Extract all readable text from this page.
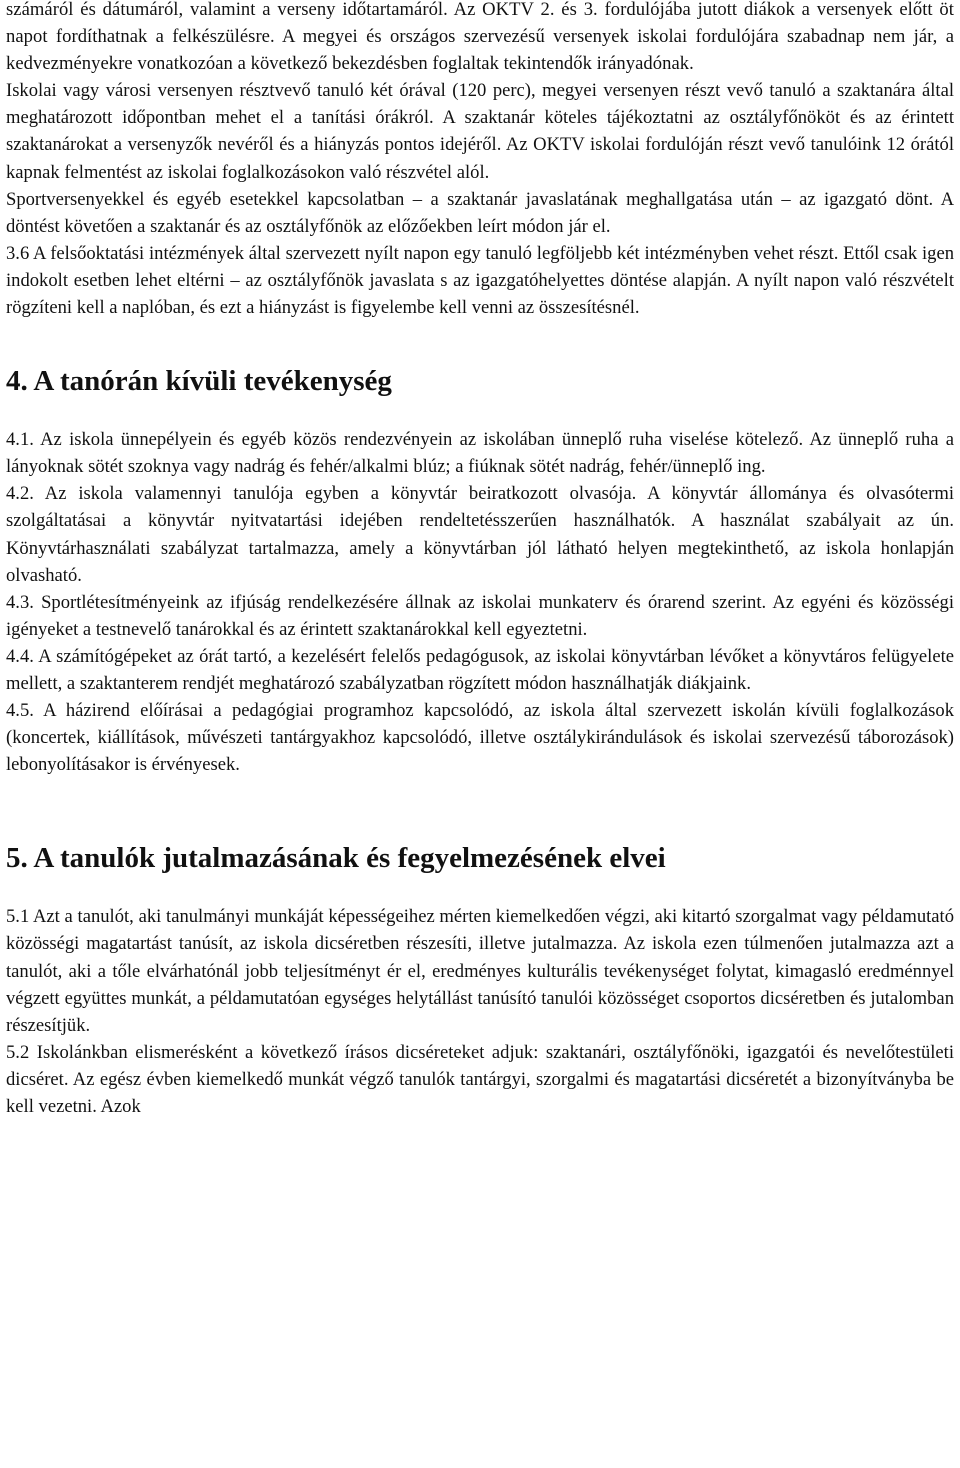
számáról és dátumáról, valamint a verseny időtartamáról. Az OKTV 2. és 3. fordulójába jutott diákok a versenyek előtt öt napot fordíthatnak a felkészülésre. A megyei és országos szervezésű versenyek iskolai fordulójára szabadnap nem jár, a kedvezményekre vonatkozóan a következő bekezdésben foglaltak tekintendők irányadónak.

Iskolai vagy városi versenyen résztvevő tanuló két órával (120 perc), megyei versenyen részt vevő tanuló a szaktanára által meghatározott időpontban mehet el a tanítási órákról. A szaktanár köteles tájékoztatni az osztályfőnököt és az érintett szaktanárokat a versenyzők nevéről és a hiányzás pontos idejéről. Az OKTV iskolai fordulóján részt vevő tanulóink 12 órától kapnak felmentést az iskolai foglalkozásokon való részvétel alól.

Sportversenyekkel és egyéb esetekkel kapcsolatban – a szaktanár javaslatának meghallgatása után – az igazgató dönt. A döntést követően a szaktanár és az osztályfőnök az előzőekben leírt módon jár el.

3.6 A felsőoktatási intézmények által szervezett nyílt napon egy tanuló legföljebb két intézményben vehet részt. Ettől csak igen indokolt esetben lehet eltérni – az osztályfőnök javaslata s az igazgatóhelyettes döntése alapján. A nyílt napon való részvételt rögzíteni kell a naplóban, és ezt a hiányzást is figyelembe kell venni az összesítésnél.

4. A tanórán kívüli tevékenység

4.1. Az iskola ünnepélyein és egyéb közös rendezvényein az iskolában ünneplő ruha viselése kötelező. Az ünneplő ruha a lányoknak sötét szoknya vagy nadrág és fehér/alkalmi blúz; a fiúknak sötét nadrág, fehér/ünneplő ing.

4.2. Az iskola valamennyi tanulója egyben a könyvtár beiratkozott olvasója. A könyvtár állománya és olvasótermi szolgáltatásai a könyvtár nyitvatartási idejében rendeltetésszerűen használhatók. A használat szabályait az ún. Könyvtárhasználati szabályzat tartalmazza, amely a könyvtárban jól látható helyen megtekinthető, az iskola honlapján olvasható.

4.3. Sportlétesítményeink az ifjúság rendelkezésére állnak az iskolai munkaterv és órarend szerint. Az egyéni és közösségi igényeket a testnevelő tanárokkal és az érintett szaktanárokkal kell egyeztetni.

4.4. A számítógépeket az órát tartó, a kezelésért felelős pedagógusok, az iskolai könyvtárban lévőket a könyvtáros felügyelete mellett, a szaktanterem rendjét meghatározó szabályzatban rögzített módon használhatják diákjaink.

4.5. A házirend előírásai a pedagógiai programhoz kapcsolódó, az iskola által szervezett iskolán kívüli foglalkozások (koncertek, kiállítások, művészeti tantárgyakhoz kapcsolódó, illetve osztálykirándulások és iskolai szervezésű táborozások) lebonyolításakor is érvényesek.

5. A tanulók jutalmazásának és fegyelmezésének elvei

5.1 Azt a tanulót, aki tanulmányi munkáját képességeihez mérten kiemelkedően végzi, aki kitartó szorgalmat vagy példamutató közösségi magatartást tanúsít, az iskola dicséretben részesíti, illetve jutalmazza. Az iskola ezen túlmenően jutalmazza azt a tanulót, aki a tőle elvárhatónál jobb teljesítményt ér el, eredményes kulturális tevékenységet folytat, kimagasló eredménnyel végzett együttes munkát, a példamutatóan egységes helytállást tanúsító tanulói közösséget csoportos dicséretben és jutalomban részesítjük.

5.2 Iskolánkban elismerésként a következő írásos dicséreteket adjuk: szaktanári, osztályfőnöki, igazgatói és nevelőtestületi dicséret. Az egész évben kiemelkedő munkát végző tanulók tantárgyi, szorgalmi és magatartási dicséretét a bizonyítványba be kell vezetni. Azok
